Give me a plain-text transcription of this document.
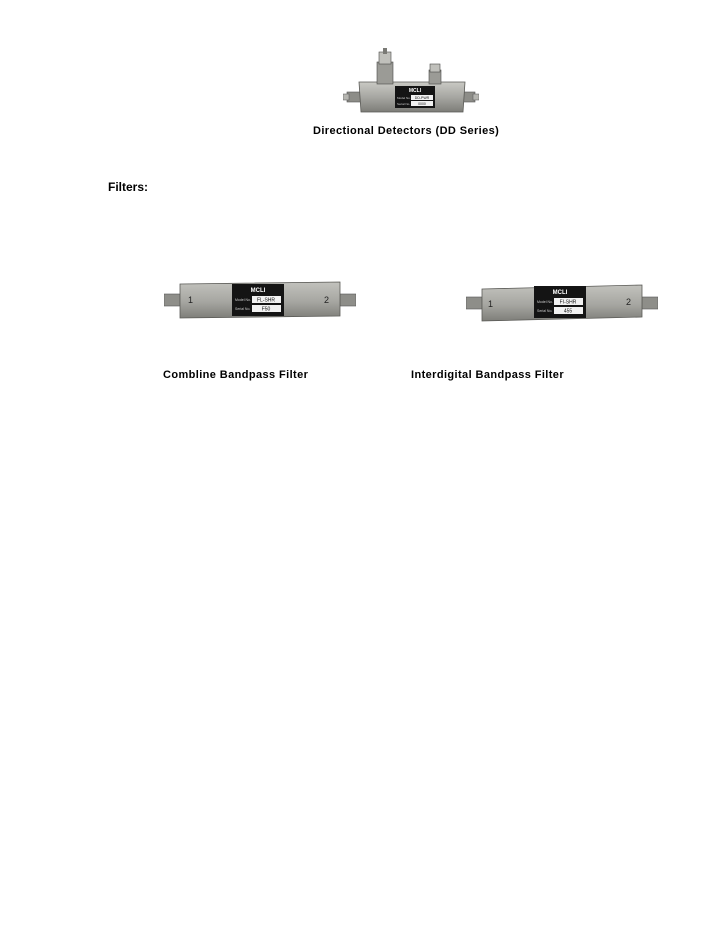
MCLI
Model No. DD-PWR
Serial No. 0000
Directional Detectors (DD Series)
Filters:
1	2
MCLI
Model No. FL-SHR
Serial No. F50
1	2
MCLI
Model No. FI-SHR
Serial No. 455
Combline Bandpass Filter	Interdigital Bandpass Filter
